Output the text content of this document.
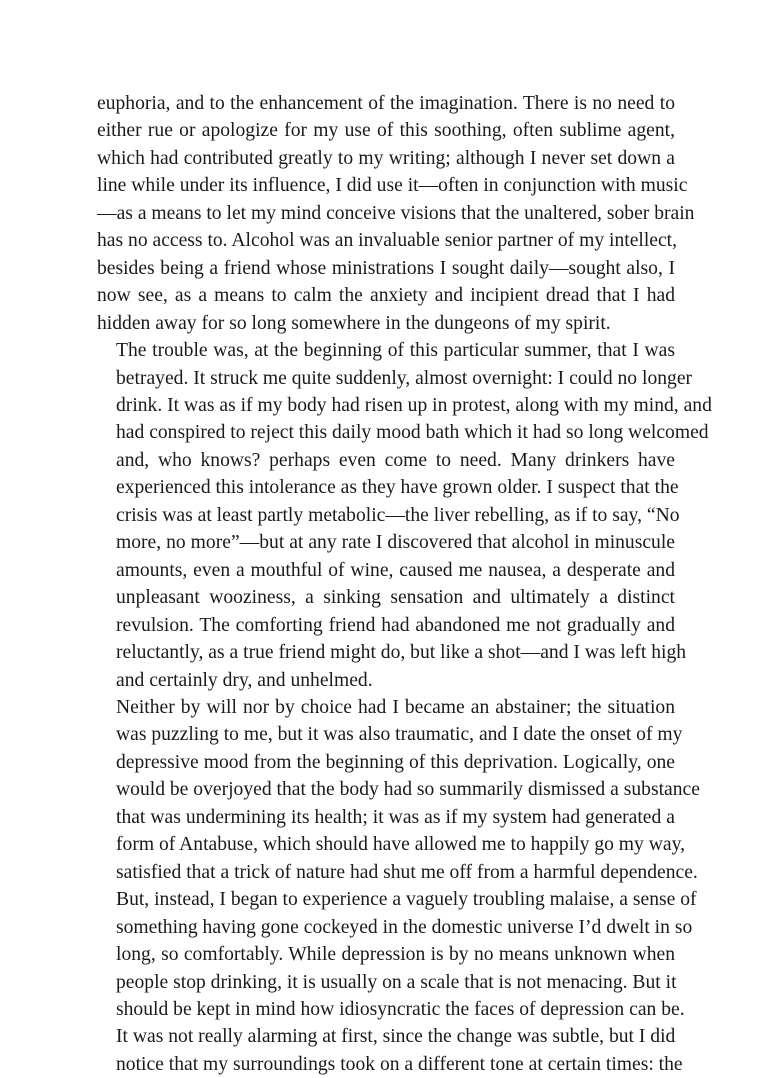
euphoria, and to the enhancement of the imagination. There is no need to
either rue or apologize for my use of this soothing, often sublime agent,
which had contributed greatly to my writing; although I never set down a
line while under its influence, I did use it—often in conjunction with music
—as a means to let my mind conceive visions that the unaltered, sober brain
has no access to. Alcohol was an invaluable senior partner of my intellect,
besides being a friend whose ministrations I sought daily—sought also, I
now see, as a means to calm the anxiety and incipient dread that I had
hidden away for so long somewhere in the dungeons of my spirit.
The trouble was, at the beginning of this particular summer, that I was
betrayed. It struck me quite suddenly, almost overnight: I could no longer
drink. It was as if my body had risen up in protest, along with my mind, and
had conspired to reject this daily mood bath which it had so long welcomed
and, who knows? perhaps even come to need. Many drinkers have
experienced this intolerance as they have grown older. I suspect that the
crisis was at least partly metabolic—the liver rebelling, as if to say, “No
more, no more”—but at any rate I discovered that alcohol in minuscule
amounts, even a mouthful of wine, caused me nausea, a desperate and
unpleasant wooziness, a sinking sensation and ultimately a distinct
revulsion. The comforting friend had abandoned me not gradually and
reluctantly, as a true friend might do, but like a shot—and I was left high
and certainly dry, and unhelmed.
Neither by will nor by choice had I became an abstainer; the situation
was puzzling to me, but it was also traumatic, and I date the onset of my
depressive mood from the beginning of this deprivation. Logically, one
would be overjoyed that the body had so summarily dismissed a substance
that was undermining its health; it was as if my system had generated a
form of Antabuse, which should have allowed me to happily go my way,
satisfied that a trick of nature had shut me off from a harmful dependence.
But, instead, I began to experience a vaguely troubling malaise, a sense of
something having gone cockeyed in the domestic universe I’d dwelt in so
long, so comfortably. While depression is by no means unknown when
people stop drinking, it is usually on a scale that is not menacing. But it
should be kept in mind how idiosyncratic the faces of depression can be.
It was not really alarming at first, since the change was subtle, but I did
notice that my surroundings took on a different tone at certain times: the
